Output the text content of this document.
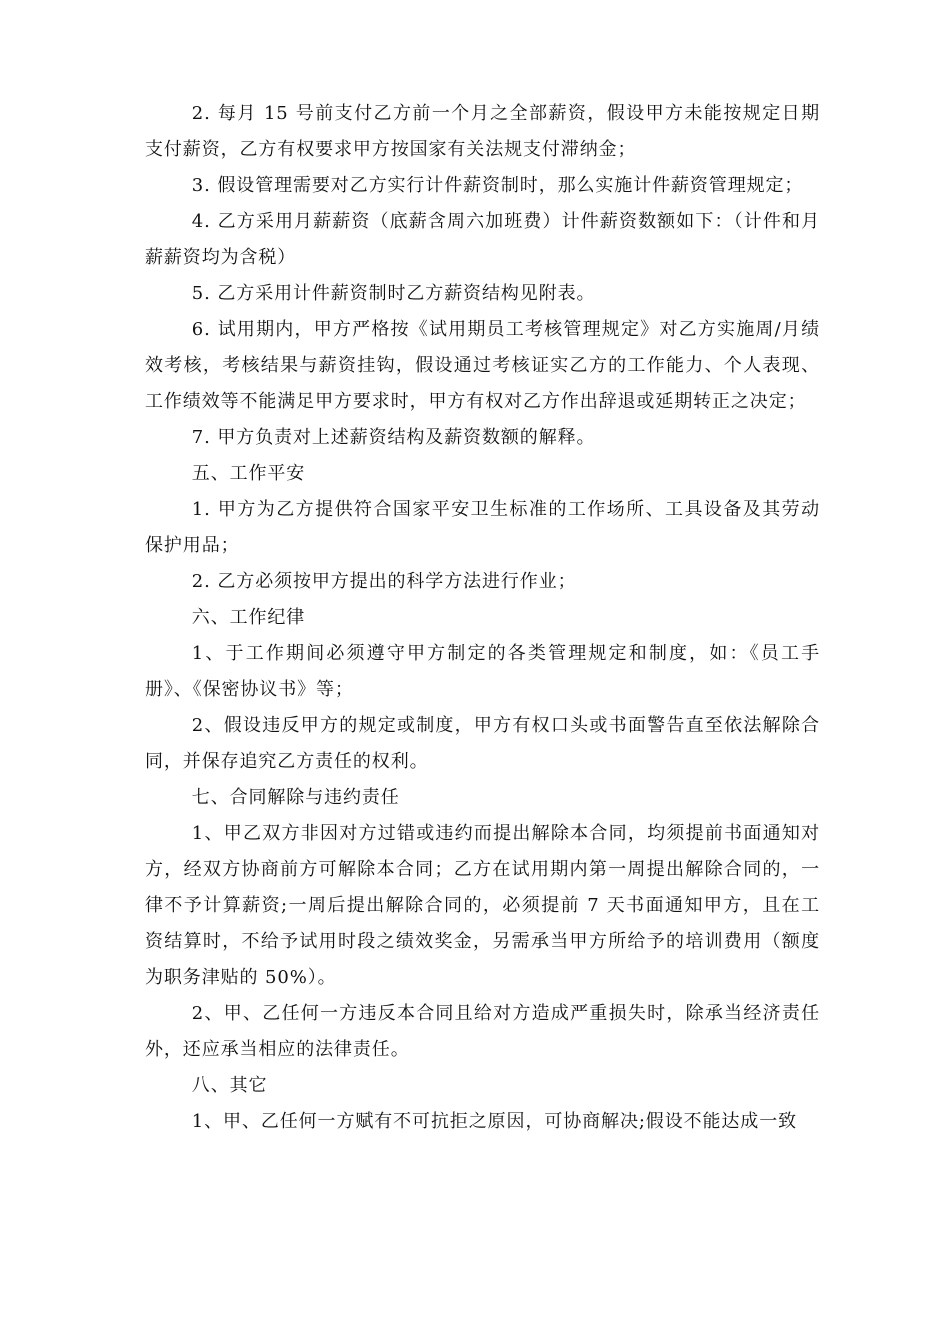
2. 每月 15 号前支付乙方前一个月之全部薪资，假设甲方未能按规定日期支付薪资，乙方有权要求甲方按国家有关法规支付滞纳金；

3. 假设管理需要对乙方实行计件薪资制时，那么实施计件薪资管理规定；

4. 乙方采用月薪薪资（底薪含周六加班费）计件薪资数额如下：（计件和月薪薪资均为含税）

5. 乙方采用计件薪资制时乙方薪资结构见附表。

6. 试用期内，甲方严格按《试用期员工考核管理规定》对乙方实施周/月绩效考核，考核结果与薪资挂钩，假设通过考核证实乙方的工作能力、个人表现、工作绩效等不能满足甲方要求时，甲方有权对乙方作出辞退或延期转正之决定；

7. 甲方负责对上述薪资结构及薪资数额的解释。

五、工作平安

1. 甲方为乙方提供符合国家平安卫生标准的工作场所、工具设备及其劳动保护用品；

2. 乙方必须按甲方提出的科学方法进行作业；

六、工作纪律

1、于工作期间必须遵守甲方制定的各类管理规定和制度，如：《员工手册》、《保密协议书》等；

2、假设违反甲方的规定或制度，甲方有权口头或书面警告直至依法解除合同，并保存追究乙方责任的权利。

七、合同解除与违约责任

1、甲乙双方非因对方过错或违约而提出解除本合同，均须提前书面通知对方，经双方协商前方可解除本合同；乙方在试用期内第一周提出解除合同的，一律不予计算薪资;一周后提出解除合同的，必须提前 7 天书面通知甲方，且在工资结算时，不给予试用时段之绩效奖金，另需承当甲方所给予的培训费用（额度为职务津贴的 50%）。

2、甲、乙任何一方违反本合同且给对方造成严重损失时，除承当经济责任外，还应承当相应的法律责任。

八、其它

1、甲、乙任何一方赋有不可抗拒之原因，可协商解决;假设不能达成一致
